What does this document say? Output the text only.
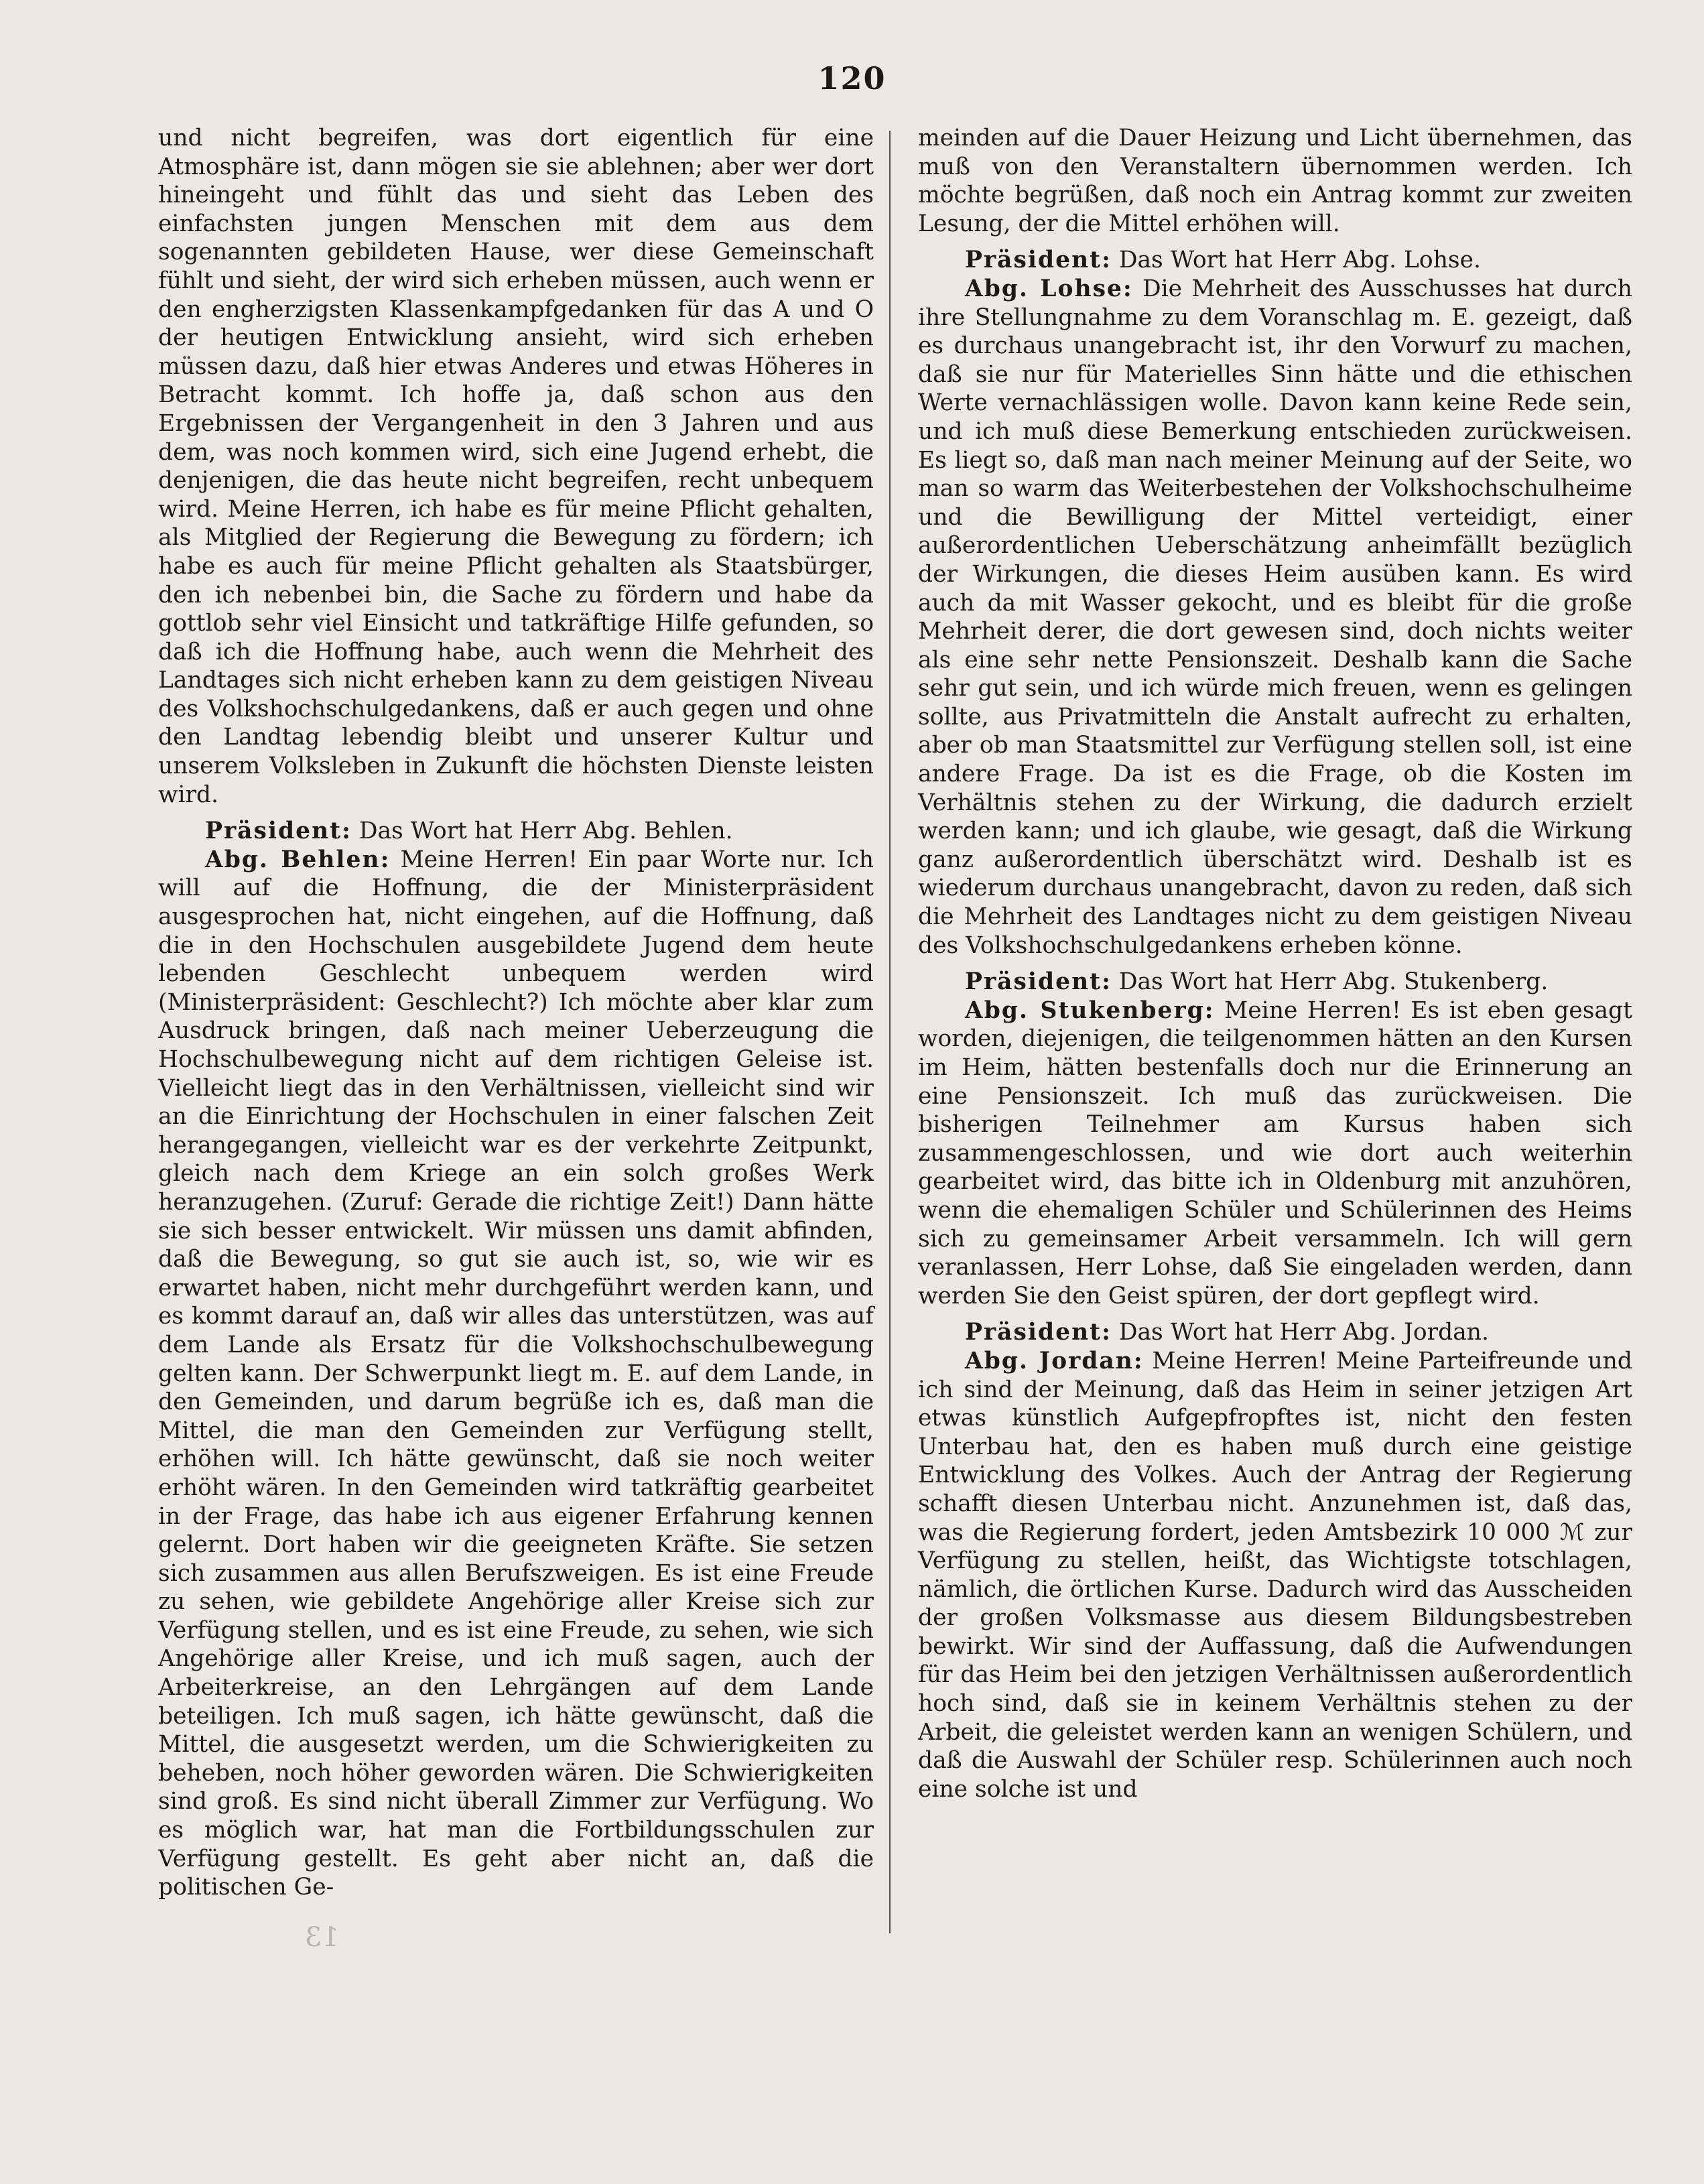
120

und nicht begreifen, was dort eigentlich für eine Atmosphäre ist, dann mögen sie sie ablehnen; aber wer dort hineingeht und fühlt das und sieht das Leben des einfachsten jungen Menschen mit dem aus dem sogenannten gebildeten Hause, wer diese Gemeinschaft fühlt und sieht, der wird sich erheben müssen, auch wenn er den engherzigsten Klassenkampfgedanken für das A und O der heutigen Entwicklung ansieht, wird sich erheben müssen dazu, daß hier etwas Anderes und etwas Höheres in Betracht kommt. Ich hoffe ja, daß schon aus den Ergebnissen der Vergangenheit in den 3 Jahren und aus dem, was noch kommen wird, sich eine Jugend erhebt, die denjenigen, die das heute nicht begreifen, recht unbequem wird. Meine Herren, ich habe es für meine Pflicht gehalten, als Mitglied der Regierung die Bewegung zu fördern; ich habe es auch für meine Pflicht gehalten als Staatsbürger, den ich nebenbei bin, die Sache zu fördern und habe da gottlob sehr viel Einsicht und tatkräftige Hilfe gefunden, so daß ich die Hoffnung habe, auch wenn die Mehrheit des Landtages sich nicht erheben kann zu dem geistigen Niveau des Volkshochschulgedankens, daß er auch gegen und ohne den Landtag lebendig bleibt und unserer Kultur und unserem Volksleben in Zukunft die höchsten Dienste leisten wird.

Präsident: Das Wort hat Herr Abg. Behlen.

Abg. Behlen: Meine Herren! Ein paar Worte nur. Ich will auf die Hoffnung, die der Ministerpräsident ausgesprochen hat, nicht eingehen, auf die Hoffnung, daß die in den Hochschulen ausgebildete Jugend dem heute lebenden Geschlecht unbequem werden wird (Ministerpräsident: Geschlecht?) Ich möchte aber klar zum Ausdruck bringen, daß nach meiner Ueberzeugung die Hochschulbewegung nicht auf dem richtigen Geleise ist. Vielleicht liegt das in den Verhältnissen, vielleicht sind wir an die Einrichtung der Hochschulen in einer falschen Zeit herangegangen, vielleicht war es der verkehrte Zeitpunkt, gleich nach dem Kriege an ein solch großes Werk heranzugehen. (Zuruf: Gerade die richtige Zeit!) Dann hätte sie sich besser entwickelt. Wir müssen uns damit abfinden, daß die Bewegung, so gut sie auch ist, so, wie wir es erwartet haben, nicht mehr durchgeführt werden kann, und es kommt darauf an, daß wir alles das unterstützen, was auf dem Lande als Ersatz für die Volkshochschulbewegung gelten kann. Der Schwerpunkt liegt m. E. auf dem Lande, in den Gemeinden, und darum begrüße ich es, daß man die Mittel, die man den Gemeinden zur Verfügung stellt, erhöhen will. Ich hätte gewünscht, daß sie noch weiter erhöht wären. In den Gemeinden wird tatkräftig gearbeitet in der Frage, das habe ich aus eigener Erfahrung kennen gelernt. Dort haben wir die geeigneten Kräfte. Sie setzen sich zusammen aus allen Berufszweigen. Es ist eine Freude zu sehen, wie gebildete Angehörige aller Kreise sich zur Verfügung stellen, und es ist eine Freude, zu sehen, wie sich Angehörige aller Kreise, und ich muß sagen, auch der Arbeiterkreise, an den Lehrgängen auf dem Lande beteiligen. Ich muß sagen, ich hätte gewünscht, daß die Mittel, die ausgesetzt werden, um die Schwierigkeiten zu beheben, noch höher geworden wären. Die Schwierigkeiten sind groß. Es sind nicht überall Zimmer zur Verfügung. Wo es möglich war, hat man die Fortbildungsschulen zur Verfügung gestellt. Es geht aber nicht an, daß die politischen Ge-

meinden auf die Dauer Heizung und Licht übernehmen, das muß von den Veranstaltern übernommen werden. Ich möchte begrüßen, daß noch ein Antrag kommt zur zweiten Lesung, der die Mittel erhöhen will.

Präsident: Das Wort hat Herr Abg. Lohse.

Abg. Lohse: Die Mehrheit des Ausschusses hat durch ihre Stellungnahme zu dem Voranschlag m. E. gezeigt, daß es durchaus unangebracht ist, ihr den Vorwurf zu machen, daß sie nur für Materielles Sinn hätte und die ethischen Werte vernachlässigen wolle. Davon kann keine Rede sein, und ich muß diese Bemerkung entschieden zurückweisen. Es liegt so, daß man nach meiner Meinung auf der Seite, wo man so warm das Weiterbestehen der Volkshochschulheime und die Bewilligung der Mittel verteidigt, einer außerordentlichen Ueberschätzung anheimfällt bezüglich der Wirkungen, die dieses Heim ausüben kann. Es wird auch da mit Wasser gekocht, und es bleibt für die große Mehrheit derer, die dort gewesen sind, doch nichts weiter als eine sehr nette Pensionszeit. Deshalb kann die Sache sehr gut sein, und ich würde mich freuen, wenn es gelingen sollte, aus Privatmitteln die Anstalt aufrecht zu erhalten, aber ob man Staatsmittel zur Verfügung stellen soll, ist eine andere Frage. Da ist es die Frage, ob die Kosten im Verhältnis stehen zu der Wirkung, die dadurch erzielt werden kann; und ich glaube, wie gesagt, daß die Wirkung ganz außerordentlich überschätzt wird. Deshalb ist es wiederum durchaus unangebracht, davon zu reden, daß sich die Mehrheit des Landtages nicht zu dem geistigen Niveau des Volkshochschulgedankens erheben könne.

Präsident: Das Wort hat Herr Abg. Stukenberg.

Abg. Stukenberg: Meine Herren! Es ist eben gesagt worden, diejenigen, die teilgenommen hätten an den Kursen im Heim, hätten bestenfalls doch nur die Erinnerung an eine Pensionszeit. Ich muß das zurückweisen. Die bisherigen Teilnehmer am Kursus haben sich zusammengeschlossen, und wie dort auch weiterhin gearbeitet wird, das bitte ich in Oldenburg mit anzuhören, wenn die ehemaligen Schüler und Schülerinnen des Heims sich zu gemeinsamer Arbeit versammeln. Ich will gern veranlassen, Herr Lohse, daß Sie eingeladen werden, dann werden Sie den Geist spüren, der dort gepflegt wird.

Präsident: Das Wort hat Herr Abg. Jordan.

Abg. Jordan: Meine Herren! Meine Parteifreunde und ich sind der Meinung, daß das Heim in seiner jetzigen Art etwas künstlich Aufgepfropftes ist, nicht den festen Unterbau hat, den es haben muß durch eine geistige Entwicklung des Volkes. Auch der Antrag der Regierung schafft diesen Unterbau nicht. Anzunehmen ist, daß das, was die Regierung fordert, jeden Amtsbezirk 10 000 ℳ zur Verfügung zu stellen, heißt, das Wichtigste totschlagen, nämlich, die örtlichen Kurse. Dadurch wird das Ausscheiden der großen Volksmasse aus diesem Bildungsbestreben bewirkt. Wir sind der Auffassung, daß die Aufwendungen für das Heim bei den jetzigen Verhältnissen außerordentlich hoch sind, daß sie in keinem Verhältnis stehen zu der Arbeit, die geleistet werden kann an wenigen Schülern, und daß die Auswahl der Schüler resp. Schülerinnen auch noch eine solche ist und

13
